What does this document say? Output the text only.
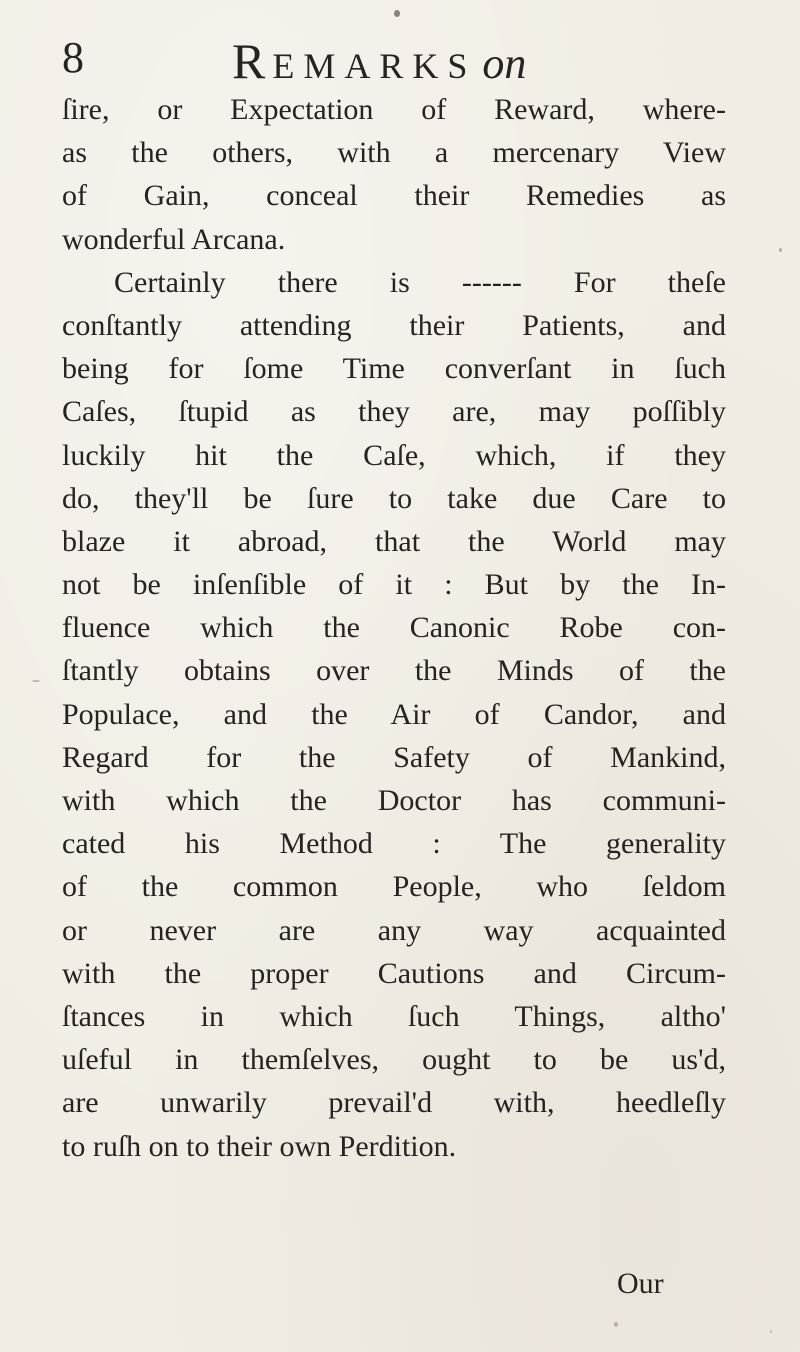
8	REMARKS on
ſire, or Expectation of Reward, where-
as the others, with a mercenary View
of Gain, conceal their Remedies as
wonderful Arcana.
Certainly there is ------ For theſe
conſtantly attending their Patients, and
being for ſome Time converſant in ſuch
Caſes, ſtupid as they are, may poſſibly
luckily hit the Caſe, which, if they
do, they'll be ſure to take due Care to
blaze it abroad, that the World may
not be inſenſible of it : But by the In-
fluence which the Canonic Robe con-
ſtantly obtains over the Minds of the
Populace, and the Air of Candor, and
Regard for the Safety of Mankind,
with which the Doctor has communi-
cated his Method : The generality
of the common People, who ſeldom
or never are any way acquainted
with the proper Cautions and Circum-
ſtances in which ſuch Things, altho'
uſeful in themſelves, ought to be us'd,
are unwarily prevail'd with, heedleſly
to ruſh on to their own Perdition.
Our
